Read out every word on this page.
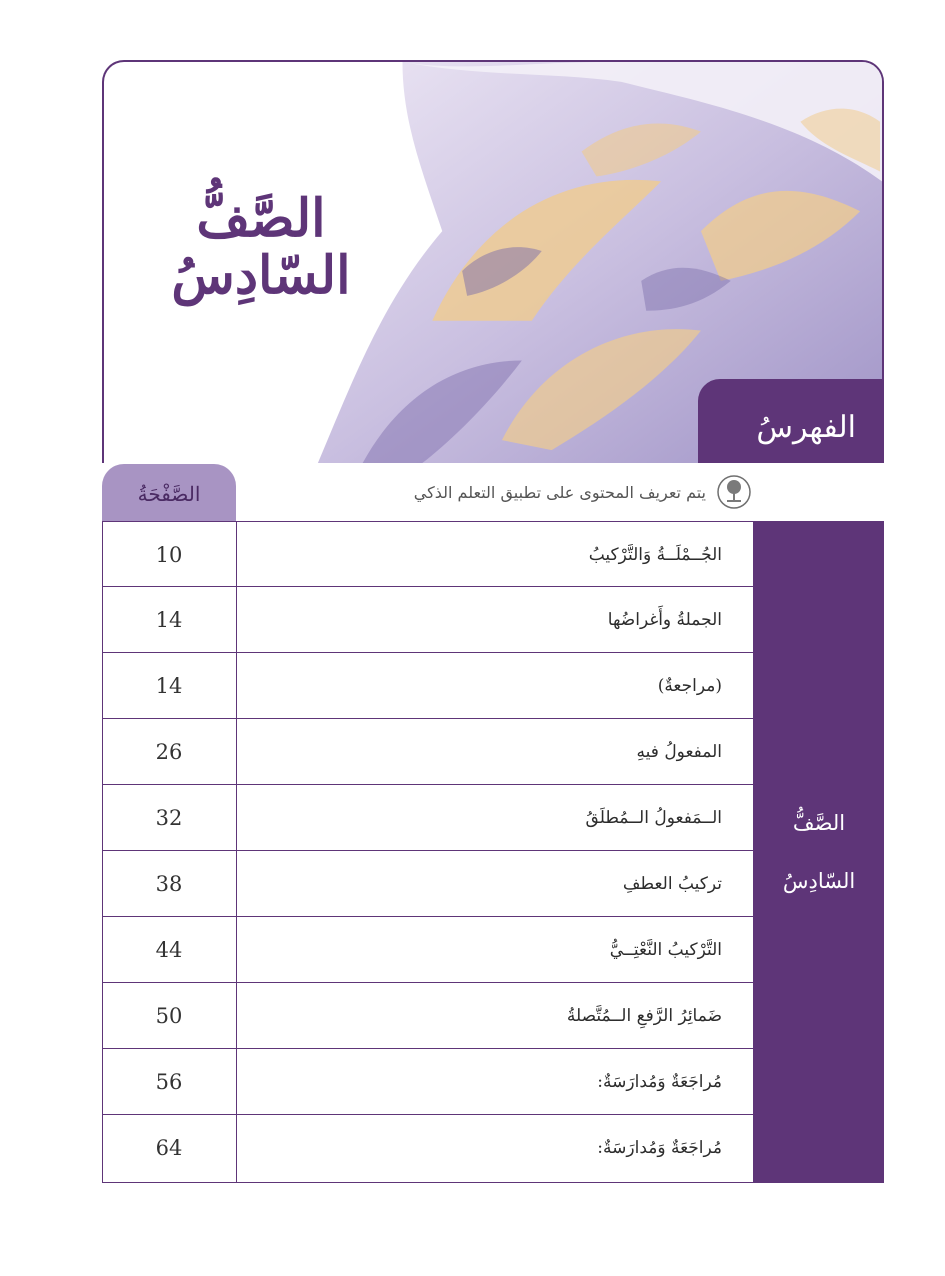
الصَّفُّ السّادِسُ
الفهرسُ
الصَّفْحَةُ	يتم تعريف المحتوى على تطبيق التعلم الذكي
10	الجُــمْلَــةُ وَالتَّرْكيبُ
14	الجملةُ وأَغراضُها
14	(مراجعةٌ)
26	المفعولُ فيهِ
32	الــمَفعولُ الــمُطلَقُ
38	تركيبُ العطفِ
44	التَّرْكيبُ النَّعْتِــيُّ
50	ضَمائِرُ الرَّفعِ الــمُتَّصلةُ
56	مُراجَعَةٌ وَمُدارَسَةٌ:
64	مُراجَعَةٌ وَمُدارَسَةٌ:
الصَّفُّ
السّادِسُ
